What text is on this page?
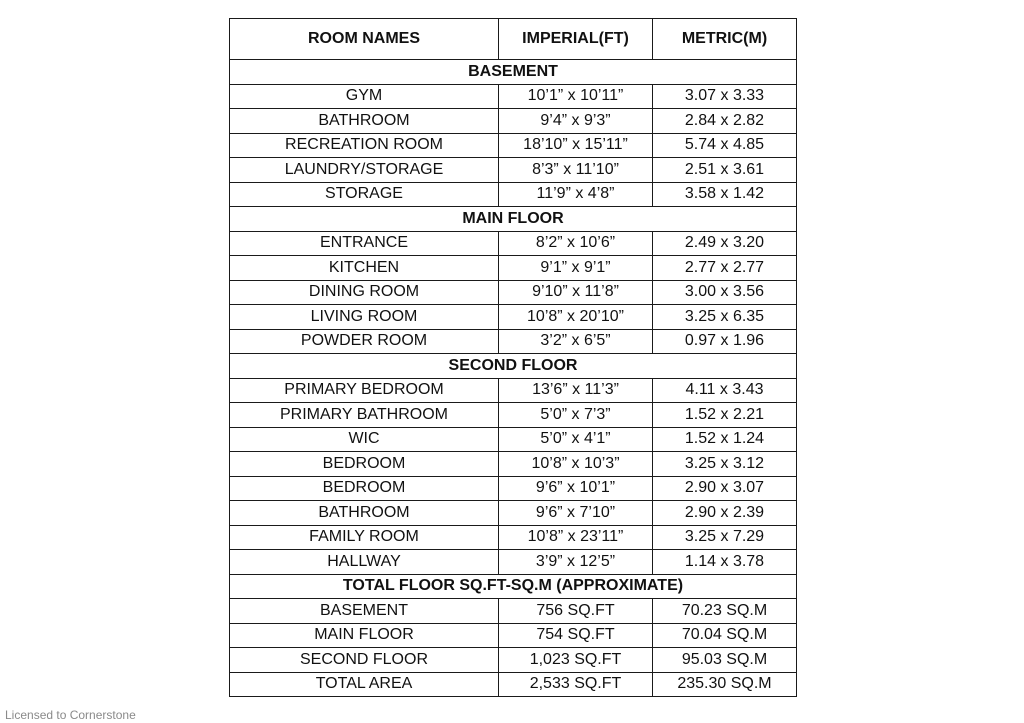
ROOM NAMES	IMPERIAL(FT)	METRIC(M)
BASEMENT		
GYM	10’1” x 10’11”	3.07 x 3.33
BATHROOM	9’4” x 9’3”	2.84 x 2.82
RECREATION ROOM	18’10” x 15’11”	5.74 x 4.85
LAUNDRY/STORAGE	8’3” x 11’10”	2.51 x 3.61
STORAGE	11’9” x 4’8”	3.58 x 1.42
MAIN FLOOR		
ENTRANCE	8’2” x 10’6”	2.49 x 3.20
KITCHEN	9’1” x 9’1”	2.77 x 2.77
DINING ROOM	9’10” x 11’8”	3.00 x 3.56
LIVING ROOM	10’8” x 20’10”	3.25 x 6.35
POWDER ROOM	3’2” x 6’5”	0.97 x 1.96
SECOND FLOOR		
PRIMARY BEDROOM	13’6” x 11’3”	4.11 x 3.43
PRIMARY BATHROOM	5’0” x 7’3”	1.52 x 2.21
WIC	5’0” x 4’1”	1.52 x 1.24
BEDROOM	10’8” x 10’3”	3.25 x 3.12
BEDROOM	9’6” x 10’1”	2.90 x 3.07
BATHROOM	9’6” x 7’10”	2.90 x 2.39
FAMILY ROOM	10’8” x 23’11”	3.25 x 7.29
HALLWAY	3’9” x 12’5”	1.14 x 3.78
TOTAL FLOOR SQ.FT-SQ.M (APPROXIMATE)		
BASEMENT	756 SQ.FT	70.23 SQ.M
MAIN FLOOR	754 SQ.FT	70.04 SQ.M
SECOND FLOOR	1,023 SQ.FT	95.03 SQ.M
TOTAL AREA	2,533 SQ.FT	235.30 SQ.M
Licensed to Cornerstone
